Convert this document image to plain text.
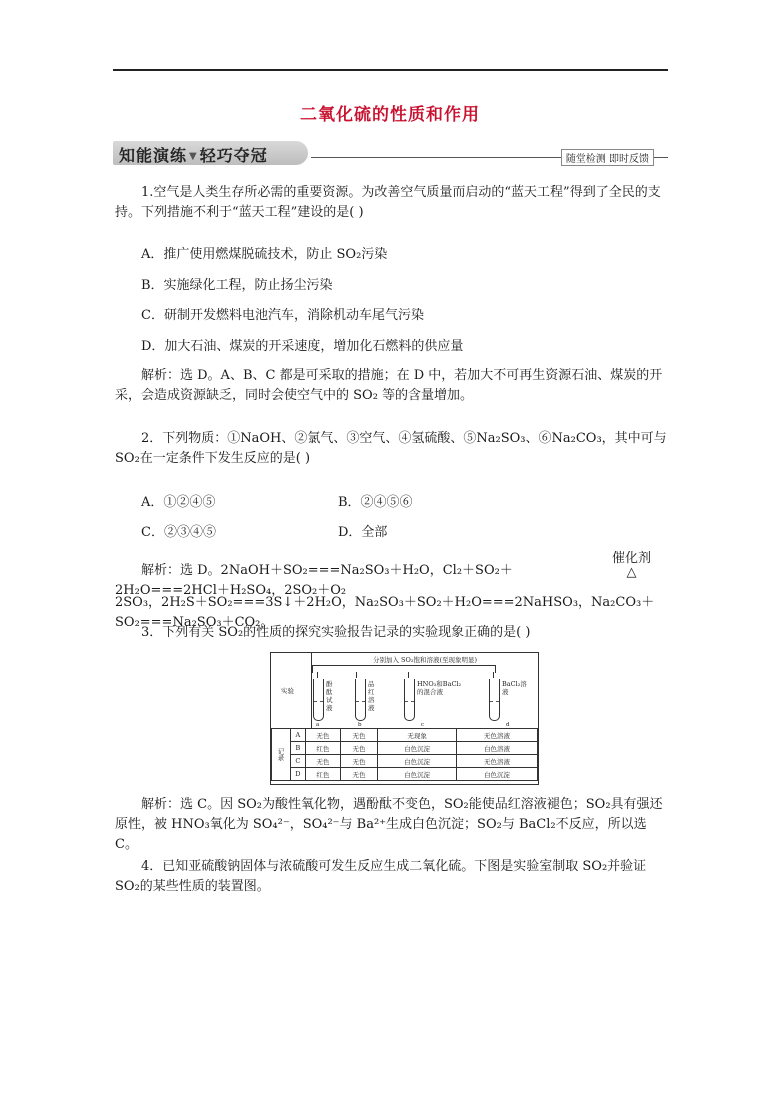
二氧化硫的性质和作用
知能演练 ▼ 轻巧夺冠	随堂检测 即时反馈
1.空气是人类生存所必需的重要资源。为改善空气质量而启动的“蓝天工程”得到了全民的支持。下列措施不利于“蓝天工程”建设的是( )
A．推广使用燃煤脱硫技术，防止 SO₂污染
B．实施绿化工程，防止扬尘污染
C．研制开发燃料电池汽车，消除机动车尾气污染
D．加大石油、煤炭的开采速度，增加化石燃料的供应量
解析：选 D。A、B、C 都是可采取的措施；在 D 中，若加大不可再生资源石油、煤炭的开采，会造成资源缺乏，同时会使空气中的 SO₂ 等的含量增加。
2．下列物质：①NaOH、②氯气、③空气、④氢硫酸、⑤Na₂SO₃、⑥Na₂CO₃，其中可与 SO₂在一定条件下发生反应的是( )
A．①②④⑤	B．②④⑤⑥
C．②③④⑤	D．全部
解析：选 D。2NaOH＋SO₂===Na₂SO₃＋H₂O，Cl₂＋SO₂＋2H₂O===2HCl＋H₂SO₄，2SO₂＋O₂
催化剂
△
2SO₃，2H₂S＋SO₂===3S↓＋2H₂O，Na₂SO₃＋SO₂＋H₂O===2NaHSO₃，Na₂CO₃＋SO₂===Na₂SO₃＋CO₂。
3．下列有关 SO₂的性质的探究实验报告记录的实验现象正确的是( )
实验
分别加入 SO₂饱和溶液(至现象明显)
酚酞试液
a
品红溶液
b
HNO₃和BaCl₂的混合液
c
BaCl₂溶液
d
记录	A	无色	无色	无现象	无色溶液
	B	红色	无色	白色沉淀	白色溶液
	C	无色	无色	白色沉淀	无色溶液
	D	红色	无色	白色沉淀	白色沉淀
解析：选 C。因 SO₂为酸性氧化物，遇酚酞不变色，SO₂能使品红溶液褪色；SO₂具有强还原性，被 HNO₃氧化为 SO₄²⁻，SO₄²⁻与 Ba²⁺生成白色沉淀；SO₂与 BaCl₂不反应，所以选 C。
4．已知亚硫酸钠固体与浓硫酸可发生反应生成二氧化硫。下图是实验室制取 SO₂并验证 SO₂的某些性质的装置图。
